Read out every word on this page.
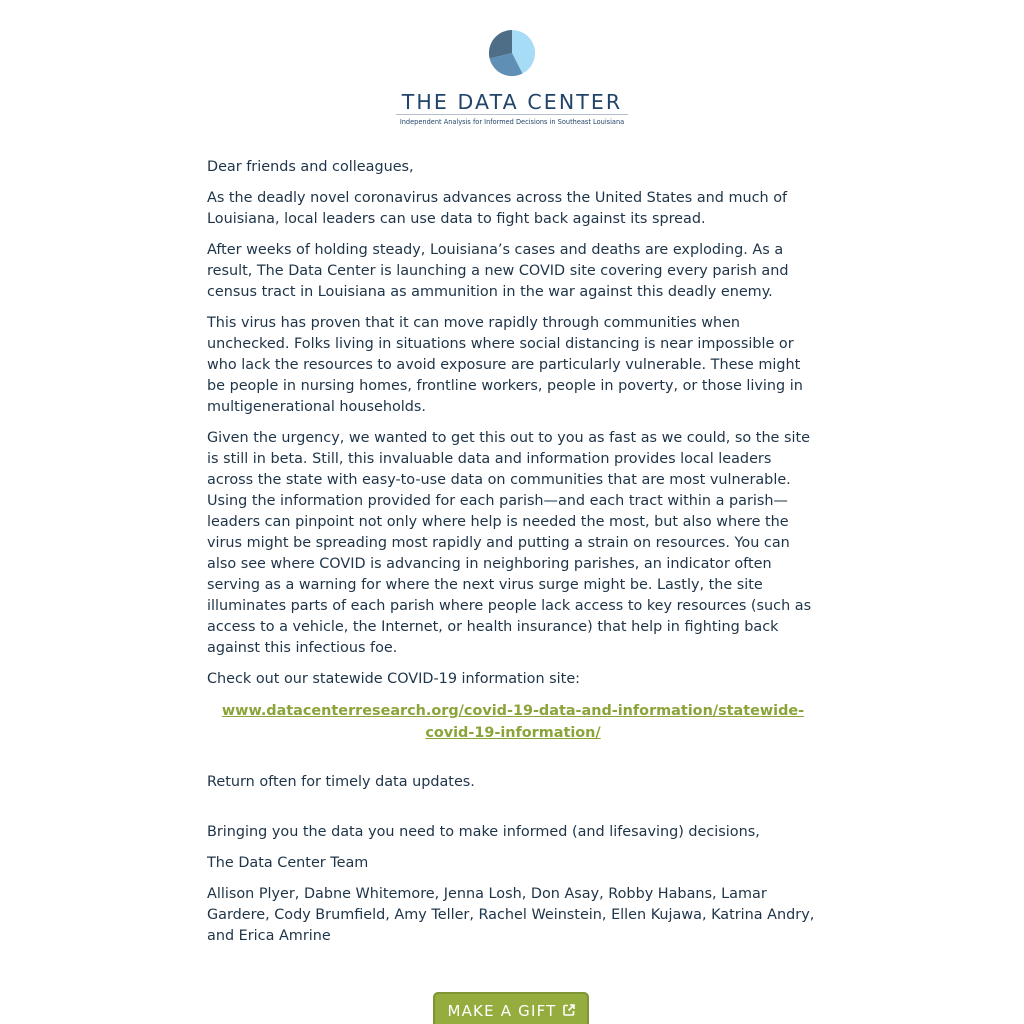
THE DATA CENTER
Independent Analysis for Informed Decisions in Southeast Louisiana

Dear friends and colleagues,

As the deadly novel coronavirus advances across the United States and much of Louisiana, local leaders can use data to fight back against its spread.

After weeks of holding steady, Louisiana’s cases and deaths are exploding. As a result, The Data Center is launching a new COVID site covering every parish and census tract in Louisiana as ammunition in the war against this deadly enemy.

This virus has proven that it can move rapidly through communities when unchecked. Folks living in situations where social distancing is near impossible or who lack the resources to avoid exposure are particularly vulnerable. These might be people in nursing homes, frontline workers, people in poverty, or those living in multigenerational households.

Given the urgency, we wanted to get this out to you as fast as we could, so the site is still in beta. Still, this invaluable data and information provides local leaders across the state with easy-to-use data on communities that are most vulnerable. Using the information provided for each parish—and each tract within a parish—leaders can pinpoint not only where help is needed the most, but also where the virus might be spreading most rapidly and putting a strain on resources. You can also see where COVID is advancing in neighboring parishes, an indicator often serving as a warning for where the next virus surge might be. Lastly, the site illuminates parts of each parish where people lack access to key resources (such as access to a vehicle, the Internet, or health insurance) that help in fighting back against this infectious foe.

Check out our statewide COVID-19 information site:

www.datacenterresearch.org/covid-19-data-and-information/statewide-
covid-19-information/

Return often for timely data updates.

Bringing you the data you need to make informed (and lifesaving) decisions,

The Data Center Team

Allison Plyer, Dabne Whitemore, Jenna Losh, Don Asay, Robby Habans, Lamar Gardere, Cody Brumfield, Amy Teller, Rachel Weinstein, Ellen Kujawa, Katrina Andry, and Erica Amrine

MAKE A GIFT
